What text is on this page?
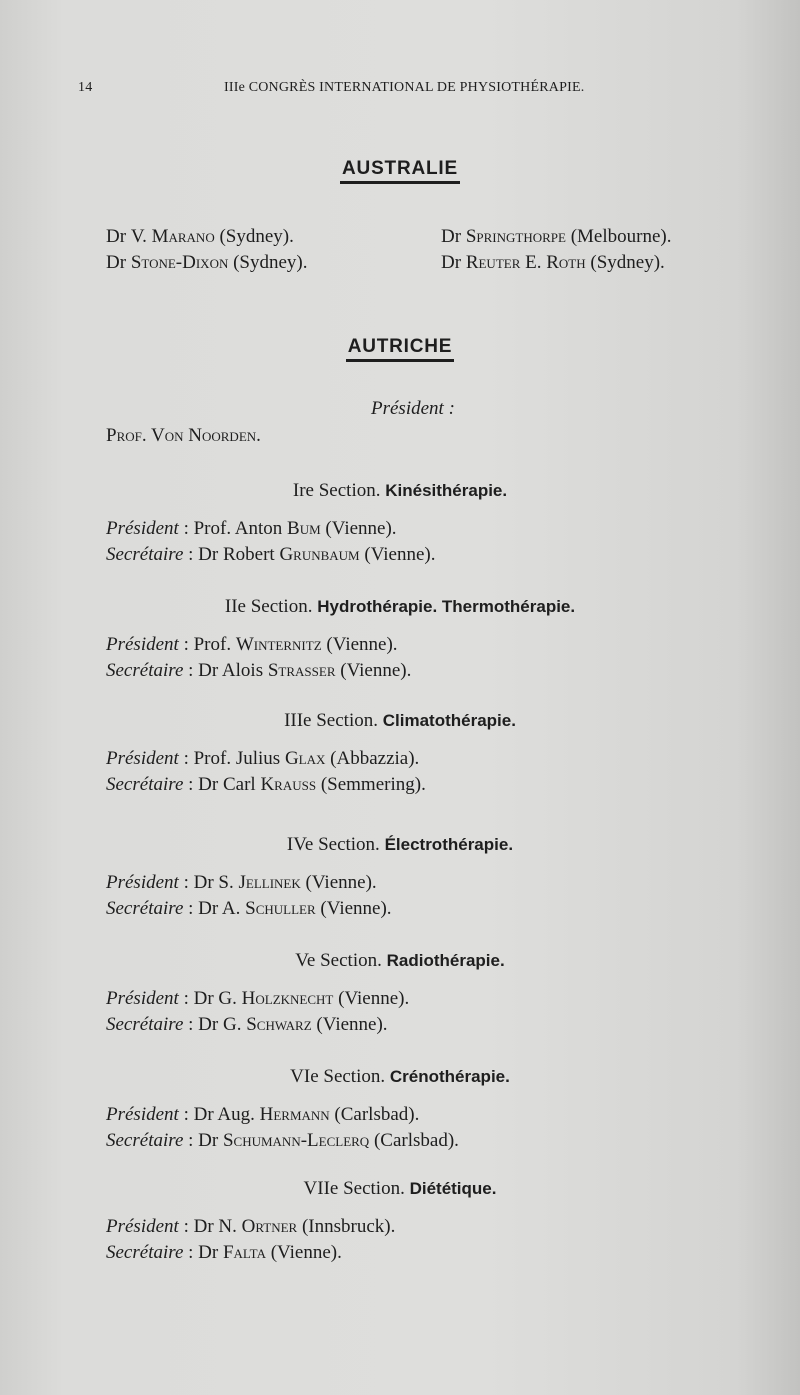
14	IIIe CONGRÈS INTERNATIONAL DE PHYSIOTHÉRAPIE.
AUSTRALIE
Dr V. Marano (Sydney).	Dr Springthorpe (Melbourne).
Dr Stone-Dixon (Sydney).	Dr Reuter E. Roth (Sydney).
AUTRICHE
Président :
Prof. Von Noorden.
Ire Section. Kinésithérapie.
Président : Prof. Anton Bum (Vienne).
Secrétaire : Dr Robert Grunbaum (Vienne).
IIe Section. Hydrothérapie. Thermothérapie.
Président : Prof. Winternitz (Vienne).
Secrétaire : Dr Alois Strasser (Vienne).
IIIe Section. Climatothérapie.
Président : Prof. Julius Glax (Abbazzia).
Secrétaire : Dr Carl Krauss (Semmering).
IVe Section. Électrothérapie.
Président : Dr S. Jellinek (Vienne).
Secrétaire : Dr A. Schuller (Vienne).
Ve Section. Radiothérapie.
Président : Dr G. Holzknecht (Vienne).
Secrétaire : Dr G. Schwarz (Vienne).
VIe Section. Crénothérapie.
Président : Dr Aug. Hermann (Carlsbad).
Secrétaire : Dr Schumann-Leclerq (Carlsbad).
VIIe Section. Diététique.
Président : Dr N. Ortner (Innsbruck).
Secrétaire : Dr Falta (Vienne).
